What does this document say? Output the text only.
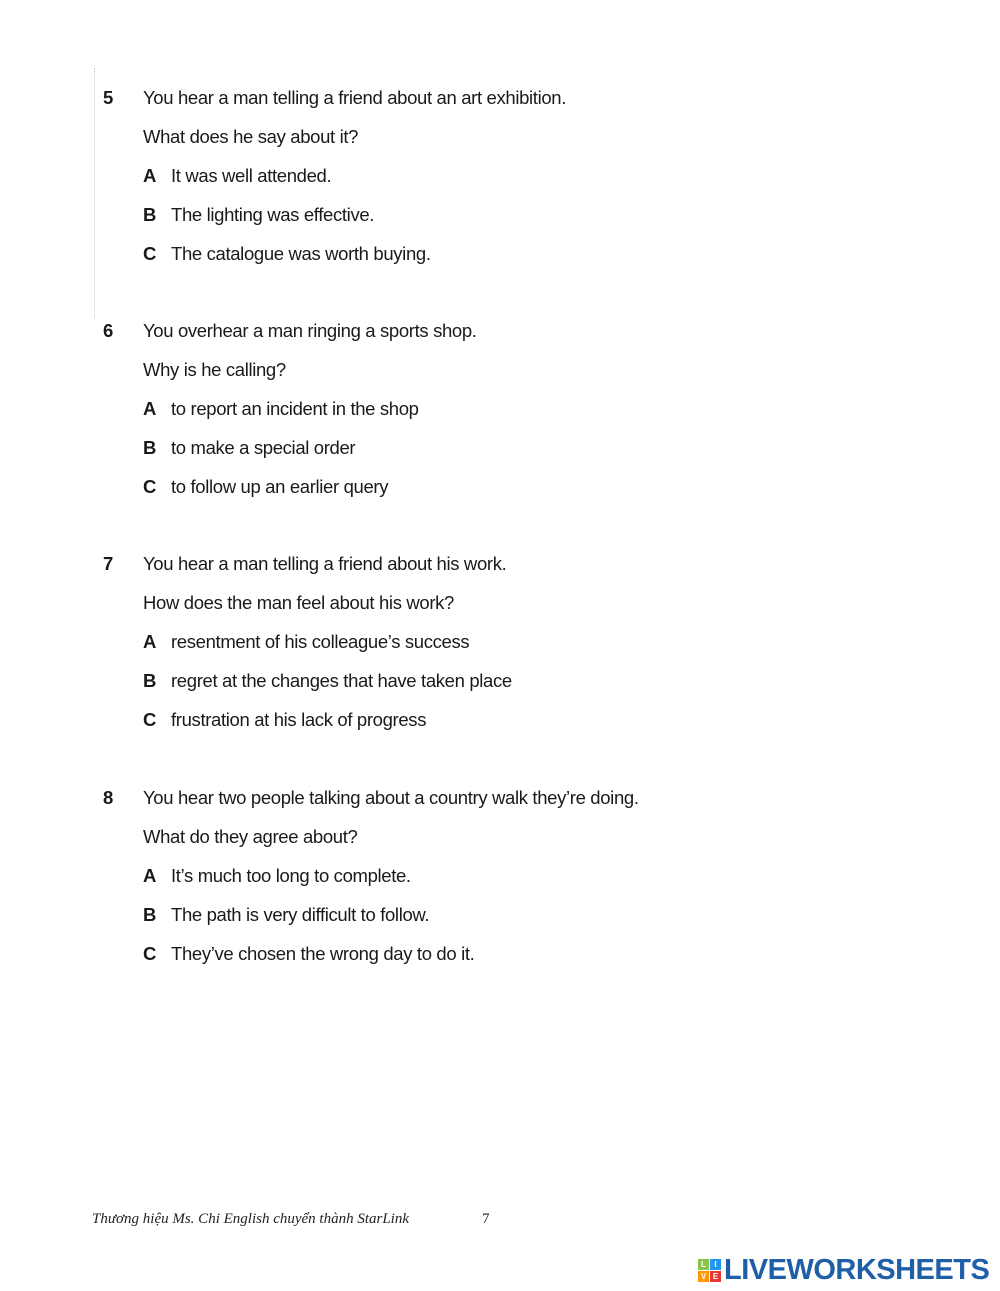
5 You hear a man telling a friend about an art exhibition.
What does he say about it?
A It was well attended.
B The lighting was effective.
C The catalogue was worth buying.
6 You overhear a man ringing a sports shop.
Why is he calling?
A to report an incident in the shop
B to make a special order
C to follow up an earlier query
7 You hear a man telling a friend about his work.
How does the man feel about his work?
A resentment of his colleague’s success
B regret at the changes that have taken place
C frustration at his lack of progress
8 You hear two people talking about a country walk they’re doing.
What do they agree about?
A It’s much too long to complete.
B The path is very difficult to follow.
C They’ve chosen the wrong day to do it.
Thương hiệu Ms. Chi English chuyển thành StarLink	7
L	I
V E LIVEWORKSHEETS
